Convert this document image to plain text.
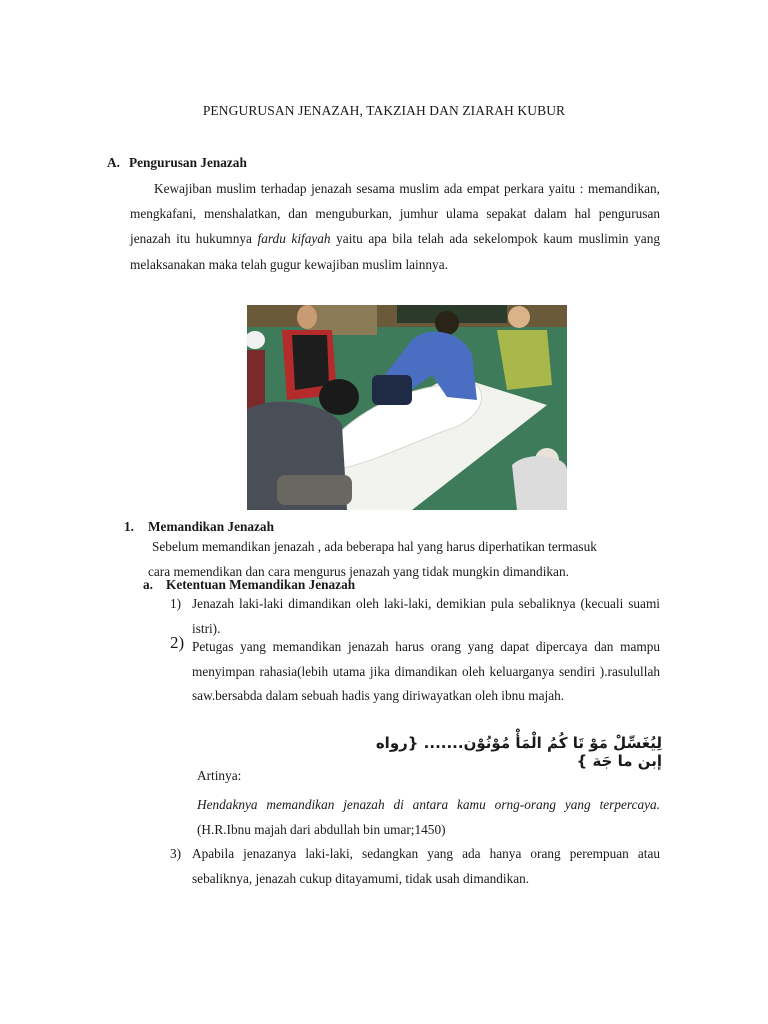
PENGURUSAN JENAZAH, TAKZIAH DAN ZIARAH KUBUR
A. Pengurusan Jenazah
Kewajiban muslim terhadap jenazah sesama muslim ada empat perkara yaitu : memandikan, mengkafani, menshalatkan, dan menguburkan, jumhur ulama sepakat dalam hal pengurusan jenazah itu hukumnya fardu kifayah yaitu apa bila telah ada sekelompok kaum muslimin yang melaksanakan maka telah gugur kewajiban muslim lainnya.
1. Memandikan Jenazah
Sebelum memandikan jenazah , ada beberapa hal yang harus diperhatikan termasuk
cara memendikan dan cara mengurus jenazah yang tidak mungkin dimandikan.
a. Ketentuan Memandikan Jenazah
1) Jenazah laki-laki dimandikan oleh laki-laki, demikian pula sebaliknya (kecuali suami istri).
2) Petugas yang memandikan jenazah harus orang yang dapat dipercaya dan mampu menyimpan rahasia(lebih utama jika dimandikan oleh keluarganya sendiri ).rasulullah saw.bersabda dalam sebuah hadis yang diriwayatkan oleh ibnu majah.
لِيُغَسِّلْ مَوْ تَا كُمُ الْمَأْ مُوْنُوْن....... {رواه إبن ما جَة }
Artinya:
Hendaknya memandikan jenazah di antara kamu orng-orang yang terpercaya. (H.R.Ibnu majah dari abdullah bin umar;1450)
3) Apabila jenazanya laki-laki, sedangkan yang ada hanya orang perempuan atau sebaliknya, jenazah cukup ditayamumi, tidak usah dimandikan.
